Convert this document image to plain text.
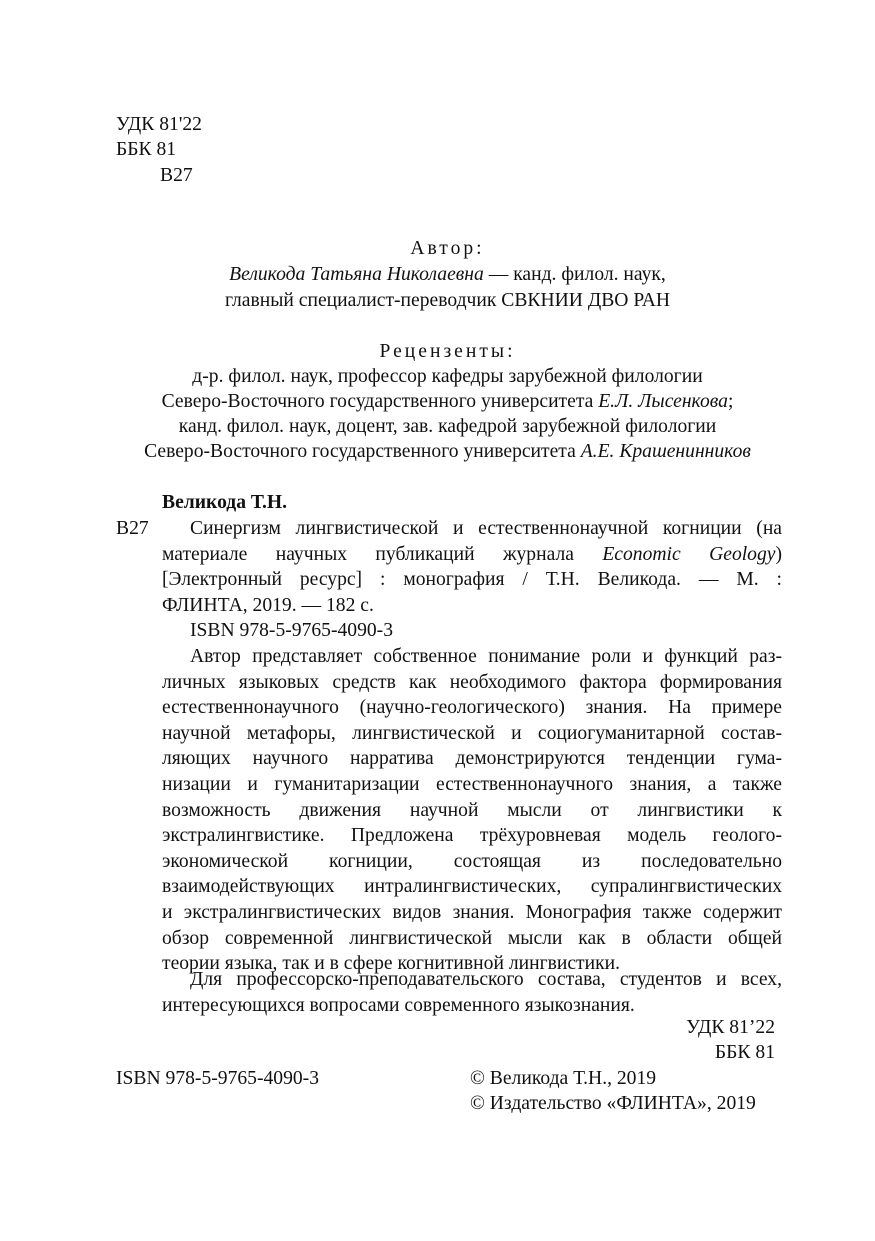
УДК 81'22
ББК 81
В27
Автор:
Великода Татьяна Николаевна — канд. филол. наук,
главный специалист-переводчик СВКНИИ ДВО РАН
Рецензенты:
д-р. филол. наук, профессор кафедры зарубежной филологии
Северо-Восточного государственного университета Е.Л. Лысенкова;
канд. филол. наук, доцент, зав. кафедрой зарубежной филологии
Северо-Восточного государственного университета А.Е. Крашенинников
Великода Т.Н.
В27	Синергизм лингвистической и естественнонаучной когниции (на
материале научных публикаций журнала Economic Geology)
[Электронный ресурс] : монография / Т.Н. Великода. — М. :
ФЛИНТА, 2019. — 182 с.
ISBN 978-5-9765-4090-3
Автор представляет собственное понимание роли и функций раз-
личных языковых средств как необходимого фактора формирования
естественнонаучного (научно-геологического) знания. На примере
научной метафоры, лингвистической и социогуманитарной состав-
ляющих научного нарратива демонстрируются тенденции гума-
низации и гуманитаризации естественнонаучного знания, а также
возможность движения научной мысли от лингвистики к
экстралингвистике. Предложена трёхуровневая модель геолого-
экономической когниции, состоящая из последовательно
взаимодействующих интралингвистических, супралингвистических
и экстралингвистических видов знания. Монография также содержит
обзор современной лингвистической мысли как в области общей
теории языка, так и в сфере когнитивной лингвистики.
Для профессорско-преподавательского состава, студентов и всех,
интересующихся вопросами современного языкознания.
УДК 81’22
ББК 81
ISBN 978-5-9765-4090-3	© Великода Т.Н., 2019
© Издательство «ФЛИНТА», 2019
